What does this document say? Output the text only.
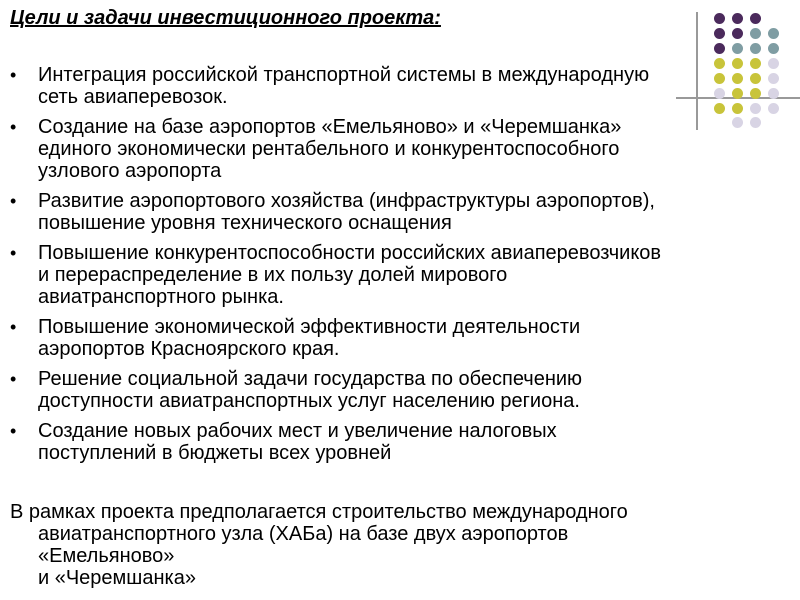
Цели и задачи инвестиционного проекта:
• Интеграция российской транспортной системы в международную
сеть авиаперевозок.
• Создание на базе аэропортов «Емельяново» и «Черемшанка»
единого экономически рентабельного и конкурентоспособного
узлового аэропорта
• Развитие аэропортового хозяйства (инфраструктуры аэропортов),
повышение уровня технического оснащения
• Повышение конкурентоспособности российских авиаперевозчиков
и перераспределение в их пользу долей мирового
авиатранспортного рынка.
• Повышение экономической эффективности деятельности
аэропортов Красноярского края.
• Решение социальной задачи государства по обеспечению
доступности авиатранспортных услуг населению региона.
• Создание новых рабочих мест и увеличение налоговых
поступлений в бюджеты всех уровней
В рамках проекта предполагается строительство международного
авиатранспортного узла (ХАБа) на базе двух аэропортов
«Емельяново»
и «Черемшанка»
